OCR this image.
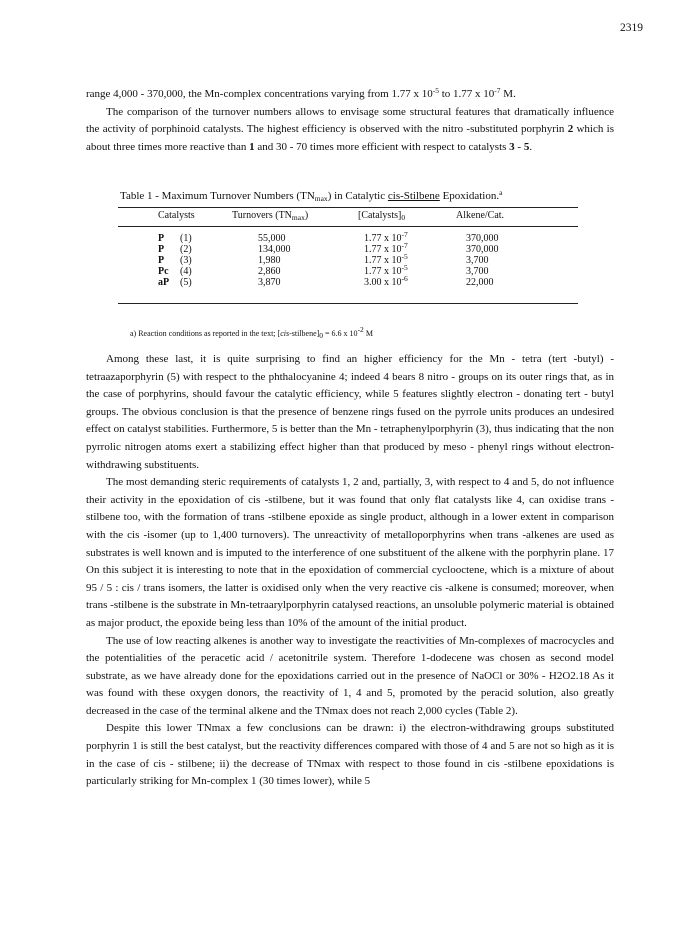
2319

range 4,000 - 370,000, the Mn-complex concentrations varying from 1.77 x $10^{-5}$ to 1.77 x $10^{-7}$ M.

The comparison of the turnover numbers allows to envisage some structural features that dramatically influence the activity of porphinoid catalysts. The highest efficiency is observed with the nitro -substituted porphyrin 2 which is about three times more reactive than 1 and 30 - 70 times more efficient with respect to catalysts 3 - 5.

Table 1 - Maximum Turnover Numbers $(TN_{max})$ in Catalytic cis-Stilbene Epoxidation.$^a$
Catalysts	Turnovers $(TN_{max})$	$[Catalysts]_0$	Alkene/Cat.
P (1)	55,000	1.77 x $10^{-7}$	370,000
P (2)	134,000	1.77 x $10^{-7}$	370,000
P (3)	1,980	1.77 x $10^{-5}$	3,700
Pc (4)	2,860	1.77 x $10^{-5}$	3,700
aP (5)	3,870	3.00 x $10^{-6}$	22,000
a) Reaction conditions as reported in the text; $[cis-stilbene]_0 = 6.6$ x $10^{-2}$ M

Among these last, it is quite surprising to find an higher efficiency for the Mn - tetra (tert -butyl) - tetraazaporphyrin (5) with respect to the phthalocyanine 4; indeed 4 bears 8 nitro - groups on its outer rings that, as in the case of porphyrins, should favour the catalytic efficiency, while 5 features slightly electron - donating tert - butyl groups. The obvious conclusion is that the presence of benzene rings fused on the pyrrole units produces an undesired effect on catalyst stabilities. Furthermore, 5 is better than the Mn - tetraphenylporphyrin (3), thus indicating that the non pyrrolic nitrogen atoms exert a stabilizing effect higher than that produced by meso - phenyl rings without electron-withdrawing substituents.

The most demanding steric requirements of catalysts 1, 2 and, partially, 3, with respect to 4 and 5, do not influence their activity in the epoxidation of cis -stilbene, but it was found that only flat catalysts like 4, can oxidise trans -stilbene too, with the formation of trans -stilbene epoxide as single product, although in a lower extent in comparison with the cis -isomer (up to 1,400 turnovers). The unreactivity of metalloporphyrins when trans -alkenes are used as substrates is well known and is imputed to the interference of one substituent of the alkene with the porphyrin plane. 17 On this subject it is interesting to note that in the epoxidation of commercial cyclooctene, which is a mixture of about 95 / 5 : cis / trans isomers, the latter is oxidised only when the very reactive cis -alkene is consumed; moreover, when trans -stilbene is the substrate in Mn-tetraarylporphyrin catalysed reactions, an unsoluble polymeric material is obtained as major product, the epoxide being less than 10% of the amount of the initial product.

The use of low reacting alkenes is another way to investigate the reactivities of Mn-complexes of macrocycles and the potentialities of the peracetic acid / acetonitrile system. Therefore 1-dodecene was chosen as second model substrate, as we have already done for the epoxidations carried out in the presence of NaOCl or 30% - H2O2.18 As it was found with these oxygen donors, the reactivity of 1, 4 and 5, promoted by the peracid solution, also greatly decreased in the case of the terminal alkene and the TNmax does not reach 2,000 cycles (Table 2).

Despite this lower TNmax a few conclusions can be drawn: i) the electron-withdrawing groups substituted porphyrin 1 is still the best catalyst, but the reactivity differences compared with those of 4 and 5 are not so high as it is in the case of cis - stilbene; ii) the decrease of TNmax with respect to those found in cis -stilbene epoxidations is particularly striking for Mn-complex 1 (30 times lower), while 5
